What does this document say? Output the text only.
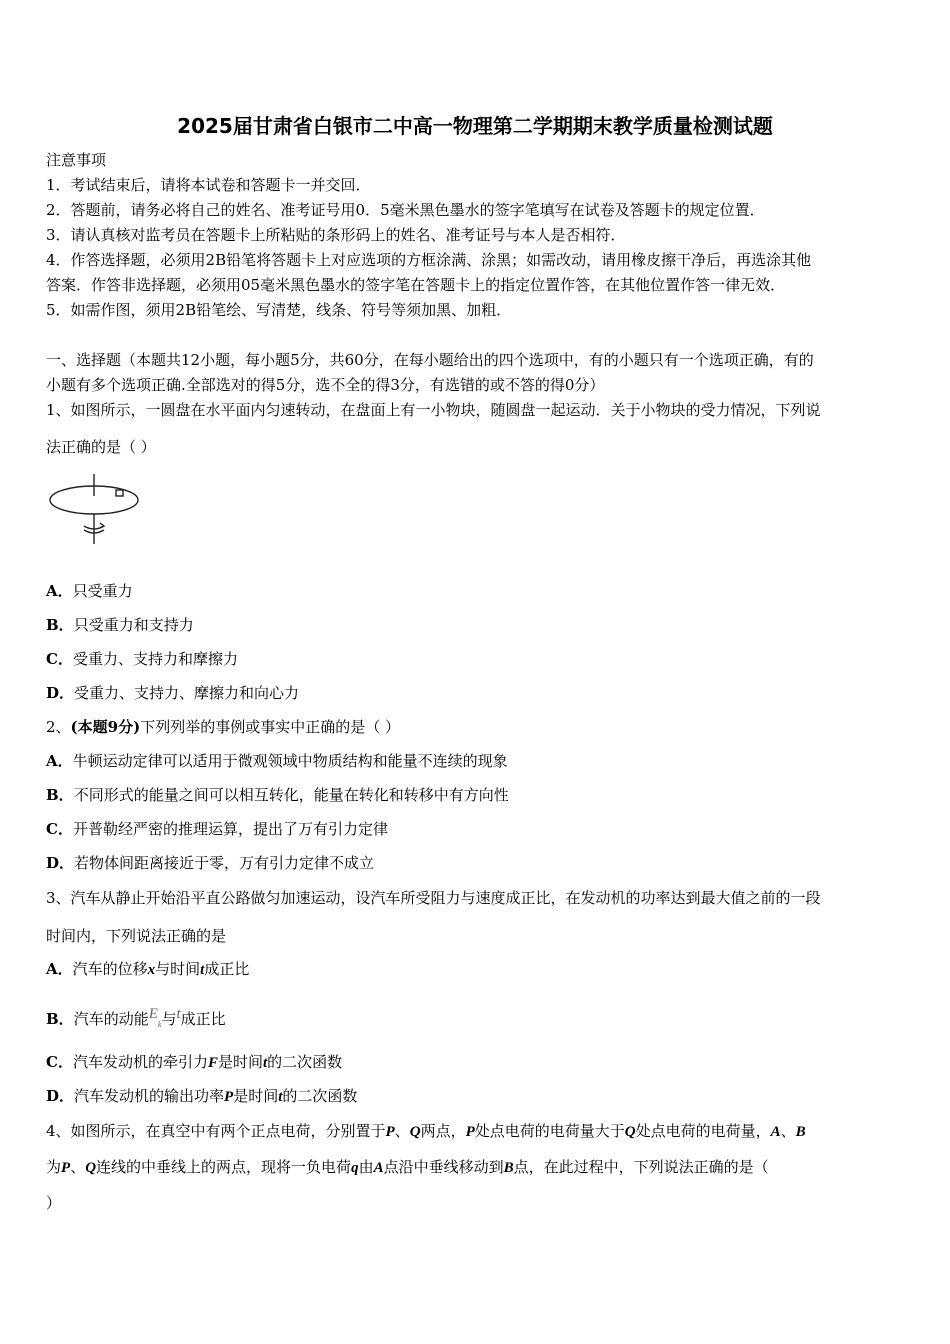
2025届甘肃省白银市二中高一物理第二学期期末教学质量检测试题
注意事项
1．考试结束后，请将本试卷和答题卡一并交回．
2．答题前，请务必将自己的姓名、准考证号用0．5毫米黑色墨水的签字笔填写在试卷及答题卡的规定位置．
3．请认真核对监考员在答题卡上所粘贴的条形码上的姓名、准考证号与本人是否相符．
4．作答选择题，必须用2B铅笔将答题卡上对应选项的方框涂满、涂黑；如需改动，请用橡皮擦干净后，再选涂其他
答案．作答非选择题，必须用05毫米黑色墨水的签字笔在答题卡上的指定位置作答，在其他位置作答一律无效．
5．如需作图，须用2B铅笔绘、写清楚，线条、符号等须加黑、加粗．
一、选择题（本题共12小题，每小题5分，共60分，在每小题给出的四个选项中，有的小题只有一个选项正确，有的
小题有多个选项正确.全部选对的得5分，选不全的得3分，有选错的或不答的得0分）
1、如图所示，一圆盘在水平面内匀速转动，在盘面上有一小物块，随圆盘一起运动．关于小物块的受力情况，下列说
法正确的是（ ）
A．只受重力
B．只受重力和支持力
C．受重力、支持力和摩擦力
D．受重力、支持力、摩擦力和向心力
2、(本题9分)下列列举的事例或事实中正确的是（ ）
A．牛顿运动定律可以适用于微观领域中物质结构和能量不连续的现象
B．不同形式的能量之间可以相互转化，能量在转化和转移中有方向性
C．开普勒经严密的推理运算，提出了万有引力定律
D．若物体间距离接近于零，万有引力定律不成立
3、汽车从静止开始沿平直公路做匀加速运动，设汽车所受阻力与速度成正比，在发动机的功率达到最大值之前的一段
时间内，下列说法正确的是
A．汽车的位移x与时间t成正比
B．汽车的动能$E_k$与t成正比
C．汽车发动机的牵引力F是时间t的二次函数
D．汽车发动机的输出功率P是时间t的二次函数
4、如图所示，在真空中有两个正点电荷，分别置于P、Q两点，P处点电荷的电荷量大于Q处点电荷的电荷量，A、B
为P、Q连线的中垂线上的两点，现将一负电荷q由A点沿中垂线移动到B点，在此过程中，下列说法正确的是（
）
